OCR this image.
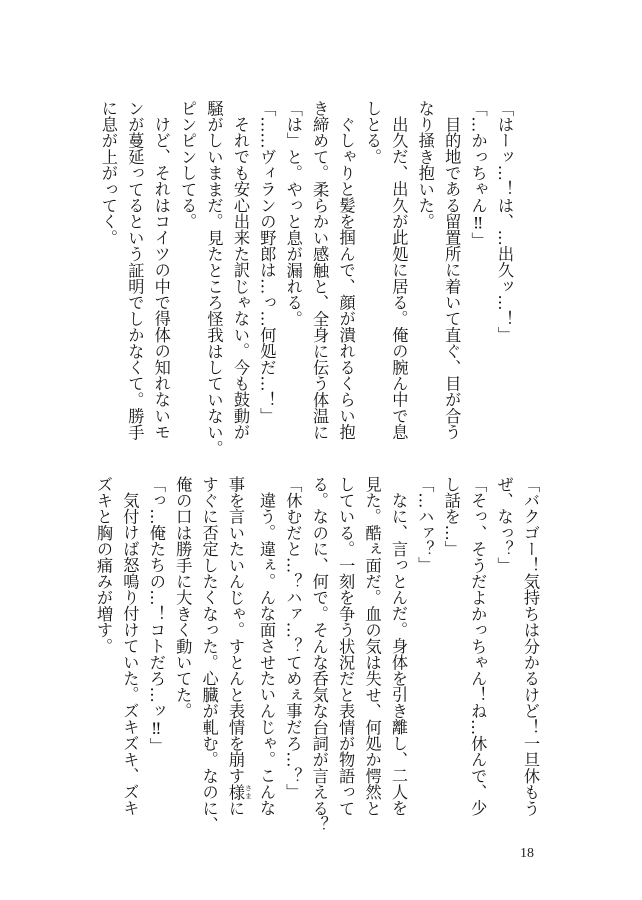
「はーッ…！は、…出久ッ…！」
「…かっちゃん‼」
目的地である留置所に着いて直ぐ、目が合う
なり掻き抱いた。
出久だ、出久が此処に居る。俺の腕ん中で息
しとる。
ぐしゃりと髪を掴んで、顔が潰れるくらい抱
き締めて。柔らかい感触と、全身に伝う体温に
「は」と。やっと息が漏れる。
「……ヴィランの野郎は…っ…何処だ…！」
それでも安心出来た訳じゃない。今も鼓動が
騒がしいままだ。見たところ怪我はしていない。
ピンピンしてる。
けど、それはコイツの中で得体の知れないモ
ンが蔓延ってるという証明でしかなくて。勝手
に息が上がってく。
「バクゴー！気持ちは分かるけど！一旦休もう
ぜ、なっ？」
「そっ、そうだよかっちゃん！ね…休んで、少
し話を…」
「…ハァ？」
なに、言っとんだ。身体を引き離し、二人を
見た。酷ぇ面だ。血の気は失せ、何処か愕然と
している。一刻を争う状況だと表情が物語って
る。なのに、何で。そんな呑気な台詞が言える？
「休むだと…？ハァ…？てめぇ事だろ…？」
違う。違ぇ。んな面させたいんじゃ。こんな
事を言いたいんじゃ。すとんと表情を崩す様 さまに
すぐに否定したくなった。心臓が軋む。なのに、
俺の口は勝手に大きく動いてた。
「っ…俺たちの…！コトだろ…ッ‼」
気付けば怒鳴り付けていた。ズキズキ、ズキ
ズキと胸の痛みが増す。
18
